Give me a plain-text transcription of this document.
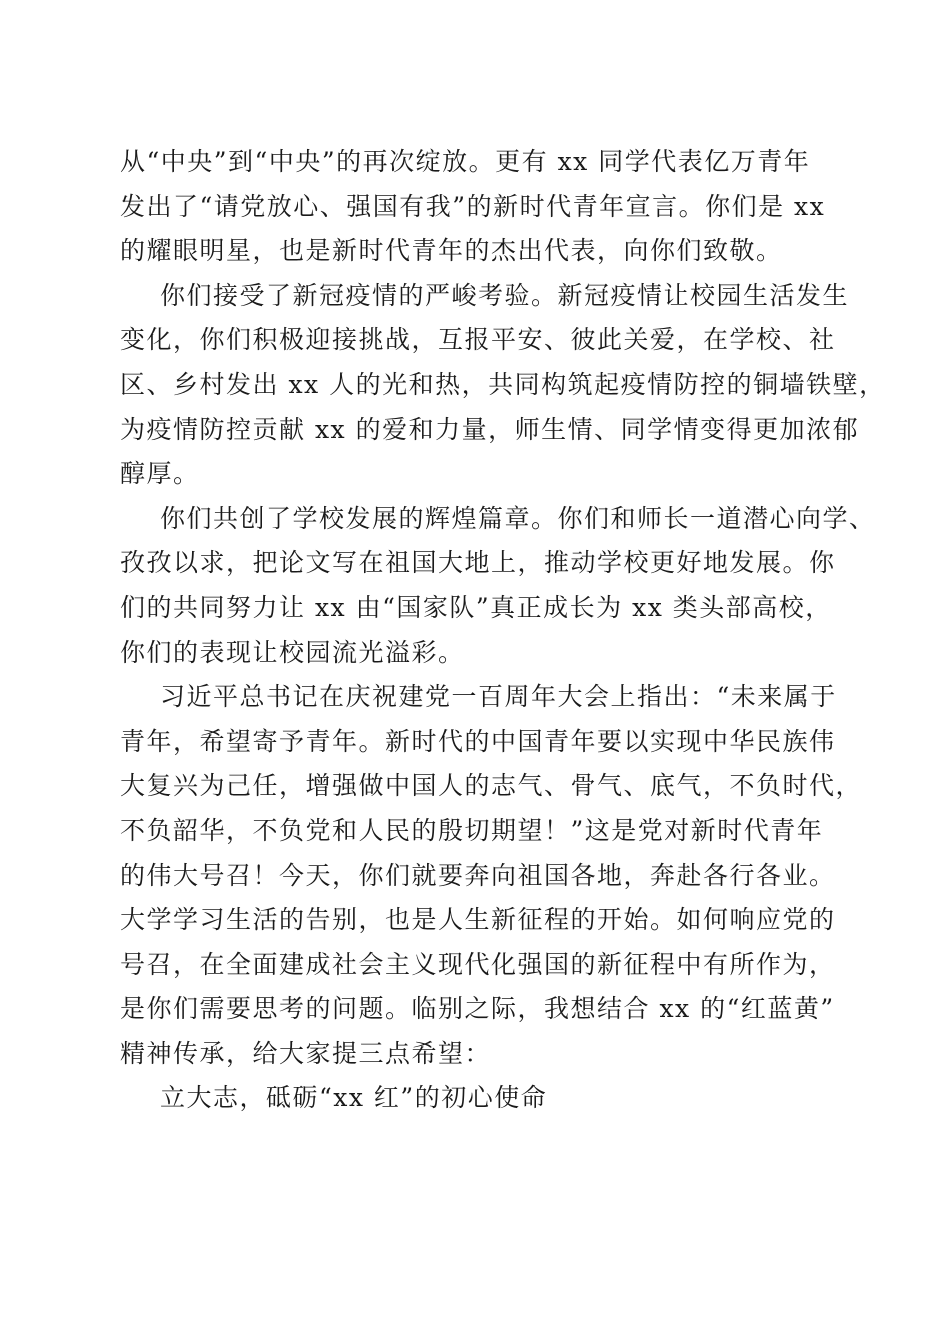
从“中央”到“中央”的再次绽放。更有 xx 同学代表亿万青年
发出了“请党放心、强国有我”的新时代青年宣言。你们是 xx
的耀眼明星，也是新时代青年的杰出代表，向你们致敬。
你们接受了新冠疫情的严峻考验。新冠疫情让校园生活发生
变化，你们积极迎接挑战，互报平安、彼此关爱，在学校、社
区、乡村发出 xx 人的光和热，共同构筑起疫情防控的铜墙铁壁，
为疫情防控贡献 xx 的爱和力量，师生情、同学情变得更加浓郁
醇厚。
你们共创了学校发展的辉煌篇章。你们和师长一道潜心向学、
孜孜以求，把论文写在祖国大地上，推动学校更好地发展。你
们的共同努力让 xx 由“国家队”真正成长为 xx 类头部高校，
你们的表现让校园流光溢彩。
习近平总书记在庆祝建党一百周年大会上指出：“未来属于
青年，希望寄予青年。新时代的中国青年要以实现中华民族伟
大复兴为己任，增强做中国人的志气、骨气、底气，不负时代，
不负韶华，不负党和人民的殷切期望！”这是党对新时代青年
的伟大号召！今天，你们就要奔向祖国各地，奔赴各行各业。
大学学习生活的告别，也是人生新征程的开始。如何响应党的
号召，在全面建成社会主义现代化强国的新征程中有所作为，
是你们需要思考的问题。临别之际，我想结合 xx 的“红蓝黄”
精神传承，给大家提三点希望：
立大志，砥砺“xx 红”的初心使命
